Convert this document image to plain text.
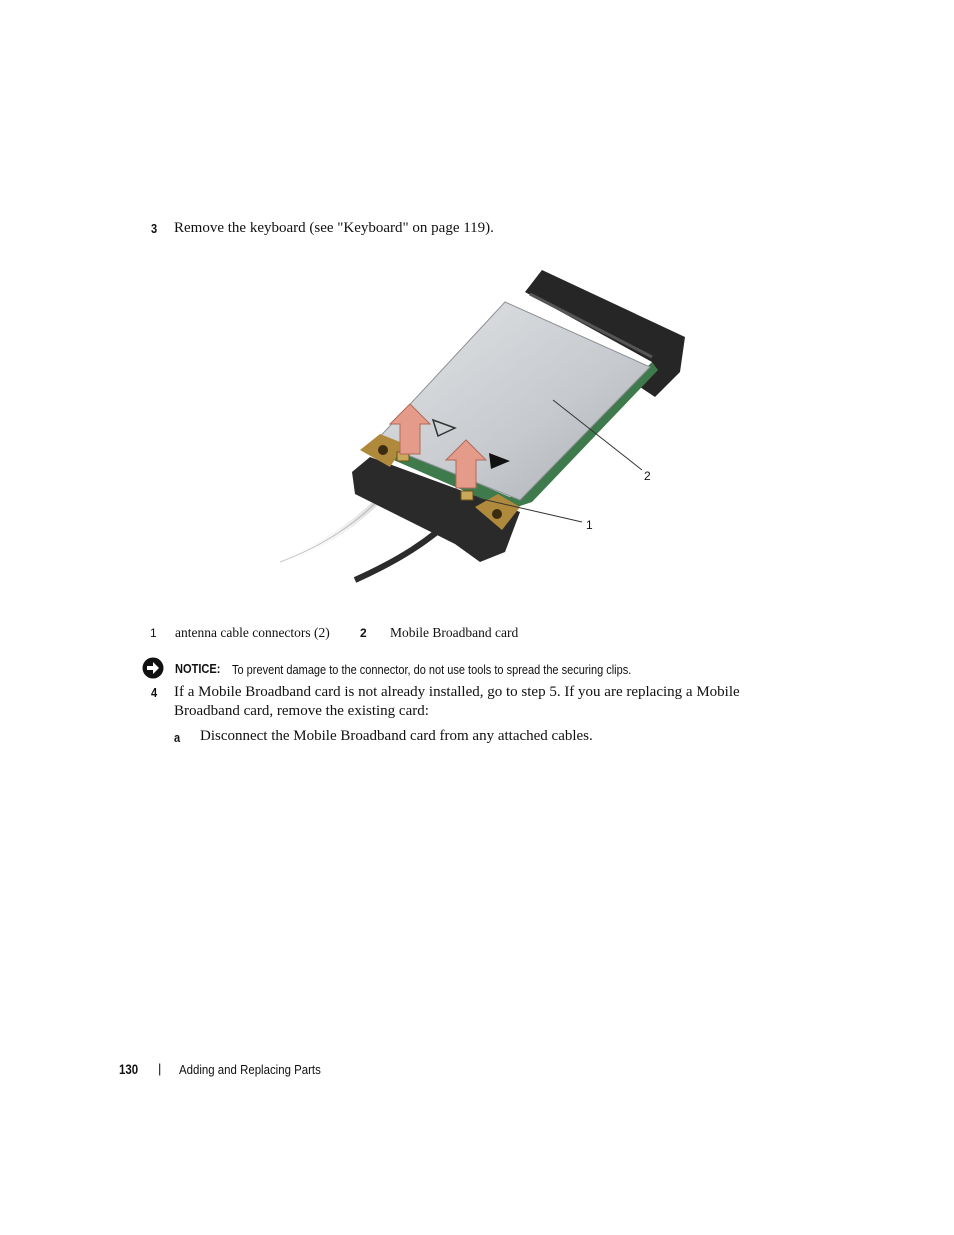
3 Remove the keyboard (see "Keyboard" on page 119).
2
1
1 antenna cable connectors (2)	2 Mobile Broadband card
NOTICE: To prevent damage to the connector, do not use tools to spread the securing clips.
4 If a Mobile Broadband card is not already installed, go to step 5. If you are replacing a Mobile
Broadband card, remove the existing card:
a Disconnect the Mobile Broadband card from any attached cables.
130 | Adding and Replacing Parts
